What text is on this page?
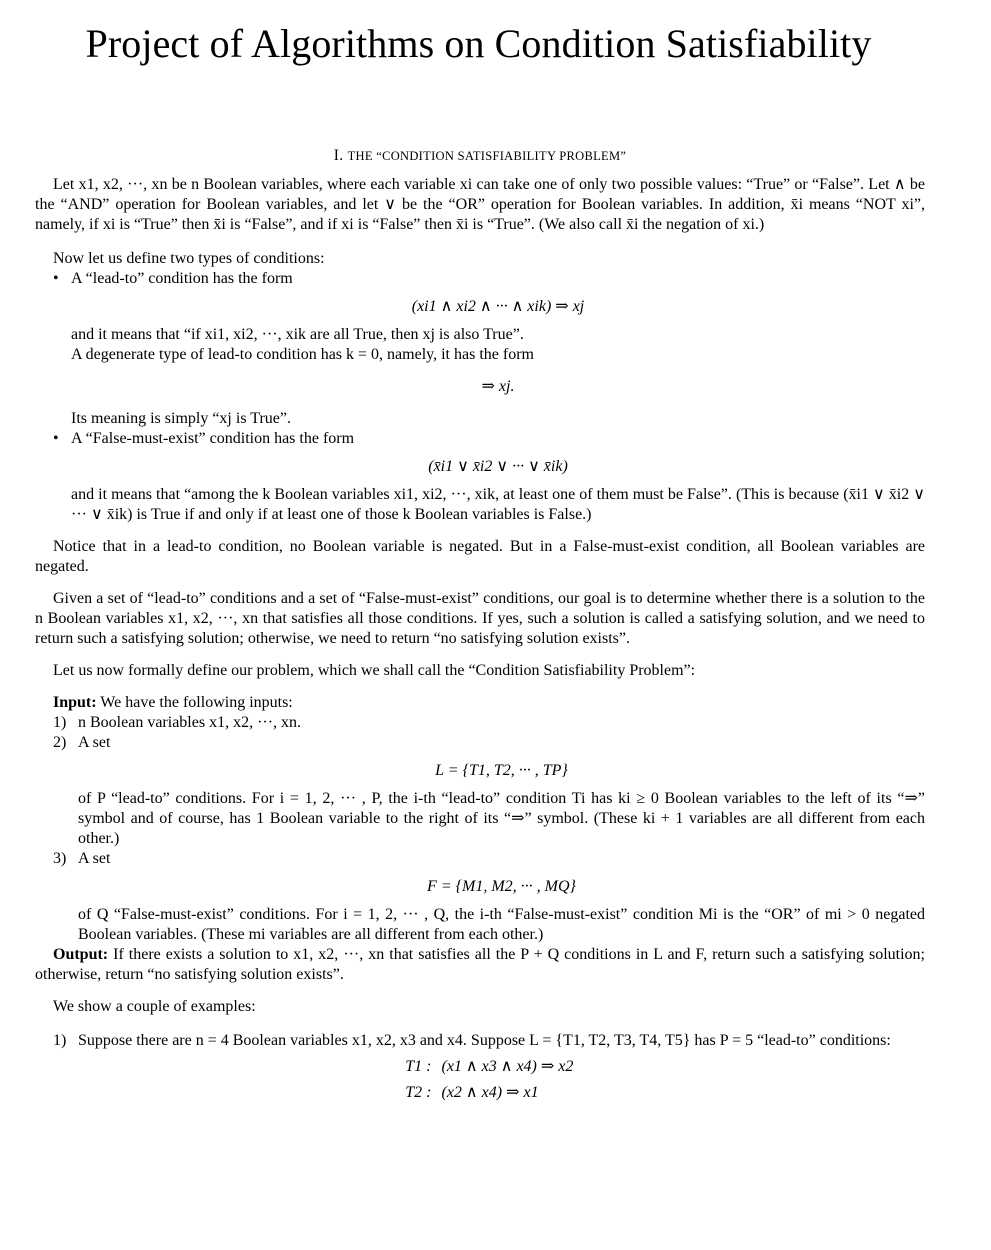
Project of Algorithms on Condition Satisfiability
I. THE “CONDITION SATISFIABILITY PROBLEM”

Let x1, x2, ···, xn be n Boolean variables, where each variable xi can take one of only two possible values: “True” or “False”. Let ∧ be the “AND” operation for Boolean variables, and let ∨ be the “OR” operation for Boolean variables. In addition, x̄i means “NOT xi”, namely, if xi is “True” then x̄i is “False”, and if xi is “False” then x̄i is “True”. (We also call x̄i the negation of xi.)

Now let us define two types of conditions:

• A “lead-to” condition has the form
(xi1 ∧ xi2 ∧ ··· ∧ xik) ⇒ xj

and it means that “if xi1, xi2, ···, xik are all True, then xj is also True”.

A degenerate type of lead-to condition has k = 0, namely, it has the form

⇒ xj.

Its meaning is simply “xj is True”.

• A “False-must-exist” condition has the form
(x̄i1 ∨ x̄i2 ∨ ··· ∨ x̄ik)

and it means that “among the k Boolean variables xi1, xi2, ···, xik, at least one of them must be False”. (This is because (x̄i1 ∨ x̄i2 ∨ ··· ∨ x̄ik) is True if and only if at least one of those k Boolean variables is False.)

Notice that in a lead-to condition, no Boolean variable is negated. But in a False-must-exist condition, all Boolean variables are negated.

Given a set of “lead-to” conditions and a set of “False-must-exist” conditions, our goal is to determine whether there is a solution to the n Boolean variables x1, x2, ···, xn that satisfies all those conditions. If yes, such a solution is called a satisfying solution, and we need to return such a satisfying solution; otherwise, we need to return “no satisfying solution exists”.

Let us now formally define our problem, which we shall call the “Condition Satisfiability Problem”:

Input: We have the following inputs:

1) n Boolean variables x1, x2, ···, xn.
2) A set
L = {T1, T2, ··· , TP}

of P “lead-to” conditions. For i = 1, 2, ··· , P, the i-th “lead-to” condition Ti has ki ≥ 0 Boolean variables to the left of its “⇒” symbol and of course, has 1 Boolean variable to the right of its “⇒” symbol. (These ki + 1 variables are all different from each other.)

3) A set
F = {M1, M2, ··· , MQ}

of Q “False-must-exist” conditions. For i = 1, 2, ··· , Q, the i-th “False-must-exist” condition Mi is the “OR” of mi > 0 negated Boolean variables. (These mi variables are all different from each other.)

Output: If there exists a solution to x1, x2, ···, xn that satisfies all the P + Q conditions in L and F, return such a satisfying solution; otherwise, return “no satisfying solution exists”.

We show a couple of examples:

1) Suppose there are n = 4 Boolean variables x1, x2, x3 and x4. Suppose L = {T1, T2, T3, T4, T5} has P = 5 “lead-to” conditions:
T1 : (x1 ∧ x3 ∧ x4) ⇒ x2
T2 : (x2 ∧ x4) ⇒ x1
